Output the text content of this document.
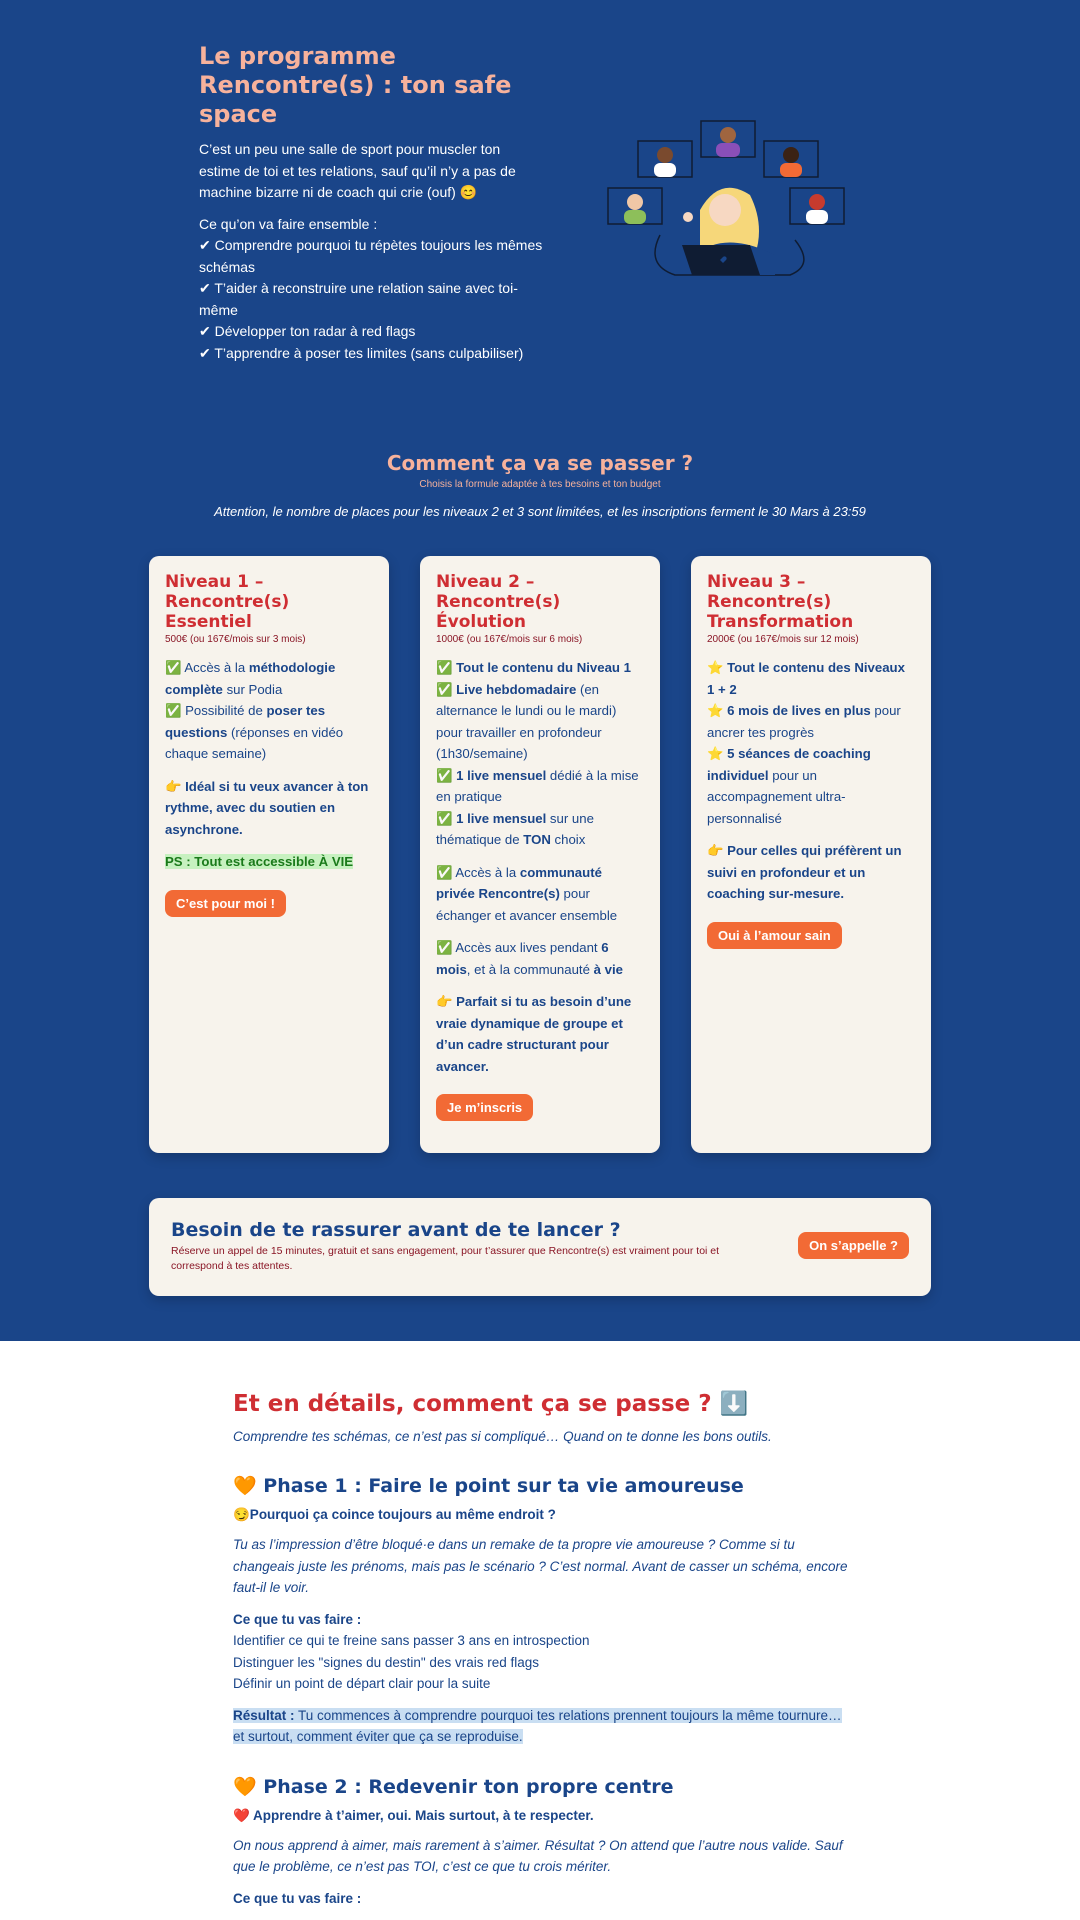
Le programme Rencontre(s) : ton safe space

C’est un peu une salle de sport pour muscler ton estime de toi et tes relations, sauf qu’il n’y a pas de machine bizarre ni de coach qui crie (ouf) 😊

Ce qu’on va faire ensemble :

✔ Comprendre pourquoi tu répètes toujours les mêmes schémas
✔ T’aider à reconstruire une relation saine avec toi-même
✔ Développer ton radar à red flags
✔ T’apprendre à poser tes limites (sans culpabiliser)
Comment ça va se passer ?

Choisis la formule adaptée à tes besoins et ton budget

Attention, le nombre de places pour les niveaux 2 et 3 sont limitées, et les inscriptions ferment le 30 Mars à 23:59

Niveau 1 – Rencontre(s) Essentiel

500€ (ou 167€/mois sur 3 mois)

✅ Accès à la méthodologie complète sur Podia
✅ Possibilité de poser tes questions (réponses en vidéo chaque semaine)

👉 Idéal si tu veux avancer à ton rythme, avec du soutien en asynchrone.

PS : Tout est accessible À VIE

C’est pour moi !
Niveau 2 – Rencontre(s) Évolution

1000€ (ou 167€/mois sur 6 mois)

✅ Tout le contenu du Niveau 1
✅ Live hebdomadaire (en alternance le lundi ou le mardi) pour travailler en profondeur (1h30/semaine)
✅ 1 live mensuel dédié à la mise en pratique
✅ 1 live mensuel sur une thématique de TON choix

✅ Accès à la communauté privée Rencontre(s) pour échanger et avancer ensemble

✅ Accès aux lives pendant 6 mois, et à la communauté à vie

👉 Parfait si tu as besoin d’une vraie dynamique de groupe et d’un cadre structurant pour avancer.

Je m’inscris
Niveau 3 – Rencontre(s) Transformation

2000€ (ou 167€/mois sur 12 mois)

⭐ Tout le contenu des Niveaux 1 + 2
⭐ 6 mois de lives en plus pour ancrer tes progrès
⭐ 5 séances de coaching individuel pour un accompagnement ultra-personnalisé

👉 Pour celles qui préfèrent un suivi en profondeur et un coaching sur-mesure.

Oui à l’amour sain
Besoin de te rassurer avant de te lancer ?

Réserve un appel de 15 minutes, gratuit et sans engagement, pour t’assurer que Rencontre(s) est vraiment pour toi et correspond à tes attentes.

On s’appelle ?
Et en détails, comment ça se passe ? ⬇️

Comprendre tes schémas, ce n’est pas si compliqué… Quand on te donne les bons outils.

🧡 Phase 1 : Faire le point sur ta vie amoureuse

😏Pourquoi ça coince toujours au même endroit ?

Tu as l’impression d’être bloqué·e dans un remake de ta propre vie amoureuse ? Comme si tu changeais juste les prénoms, mais pas le scénario ? C’est normal. Avant de casser un schéma, encore faut-il le voir.

Ce que tu vas faire :

Identifier ce qui te freine sans passer 3 ans en introspection

Distinguer les "signes du destin" des vrais red flags

Définir un point de départ clair pour la suite

Résultat : Tu commences à comprendre pourquoi tes relations prennent toujours la même tournure… et surtout, comment éviter que ça se reproduise.

🧡 Phase 2 : Redevenir ton propre centre

❤️ Apprendre à t’aimer, oui. Mais surtout, à te respecter.

On nous apprend à aimer, mais rarement à s’aimer. Résultat ? On attend que l’autre nous valide. Sauf que le problème, ce n’est pas TOI, c’est ce que tu crois mériter.

Ce que tu vas faire :
